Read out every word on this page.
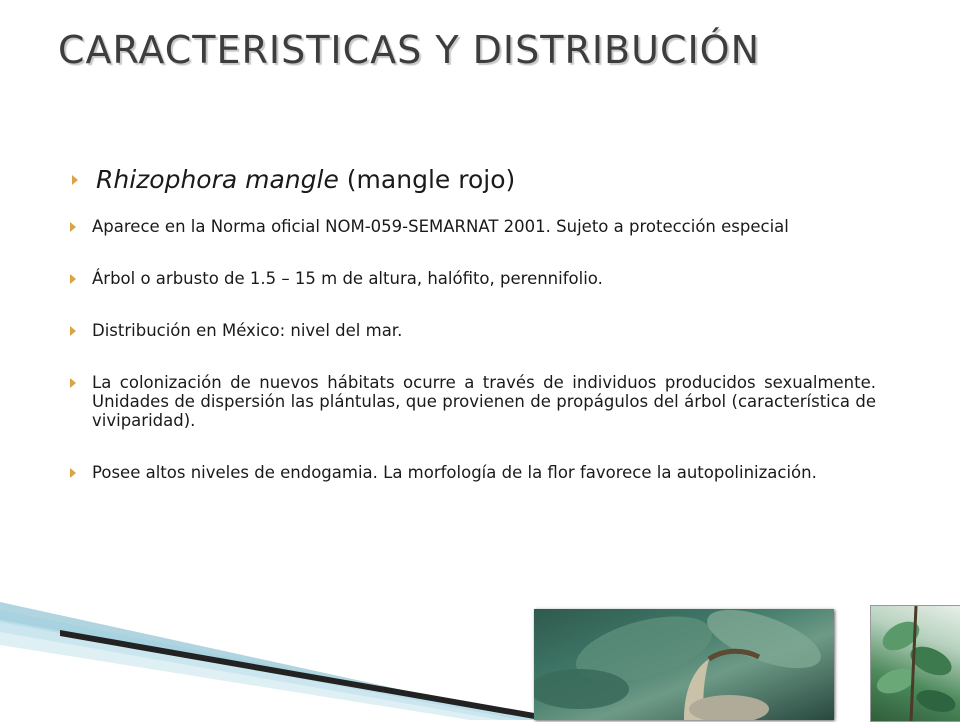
CARACTERISTICAS Y DISTRIBUCIÓN
Rhizophora mangle (mangle rojo)
Aparece en la Norma oficial NOM-059-SEMARNAT 2001. Sujeto a protección especial
Árbol o arbusto de 1.5 – 15 m de altura, halófito, perennifolio.
Distribución en México: nivel del mar.
La colonización de nuevos hábitats ocurre a través de individuos producidos sexualmente. Unidades de dispersión las plántulas, que provienen de propágulos del árbol (característica de viviparidad).
Posee altos niveles de endogamia. La morfología de la flor favorece la autopolinización.
